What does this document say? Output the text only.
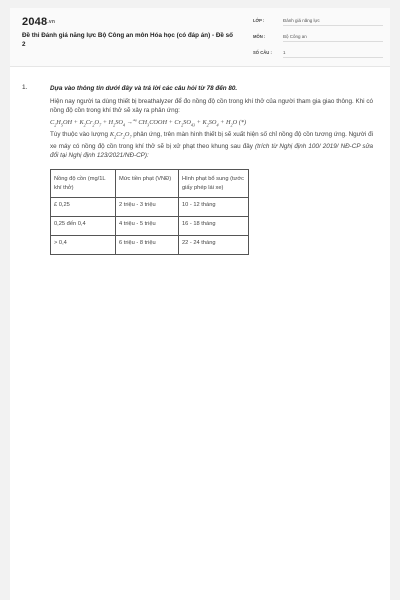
2048.vn
Đề thi Đánh giá năng lực Bộ Công an môn Hóa học (có đáp án) - Đề số 2
LỚP :	Đánh giá năng lực
MÔN :	Bộ Công an
SỐ CÂU : 1
1.	Dựa vào thông tin dưới đây và trả lời các câu hỏi từ 78 đến 80.
Hiện nay người ta dùng thiết bị breathalyzer để đo nồng độ cồn trong khí thở của người tham gia giao thông. Khi có nồng độ cồn trong khí thở sẽ xảy ra phản ứng:
$C_2H_5OH + K_2Cr_2O_7 + H_2SO_4 \to^{Ag}$ $CH_3COOH + Cr_2SO_{43} + K_2SO_4 + H_2O$ (*)
Tùy thuộc vào lượng $K_2Cr_2O_7$ phản ứng, trên màn hình thiết bị sẽ xuất hiện số chỉ nồng độ cồn tương ứng. Người đi xe máy có nồng độ cồn trong khí thở sẽ bị xử phạt theo khung sau đây (trích từ Nghị định 100/ 2019/ NĐ-CP sửa đổi tại Nghị định 123/2021/NĐ-CP):
Nồng độ cồn (mg/1L khí thở)	Mức tiền phạt (VNĐ)	Hình phạt bổ sung (tước giấy phép lái xe)
£ 0,25	2 triệu - 3 triệu	10 - 12 tháng
0,25 đến 0,4	4 triệu - 5 triệu	16 - 18 tháng
> 0,4	6 triệu - 8 triệu	22 - 24 tháng
